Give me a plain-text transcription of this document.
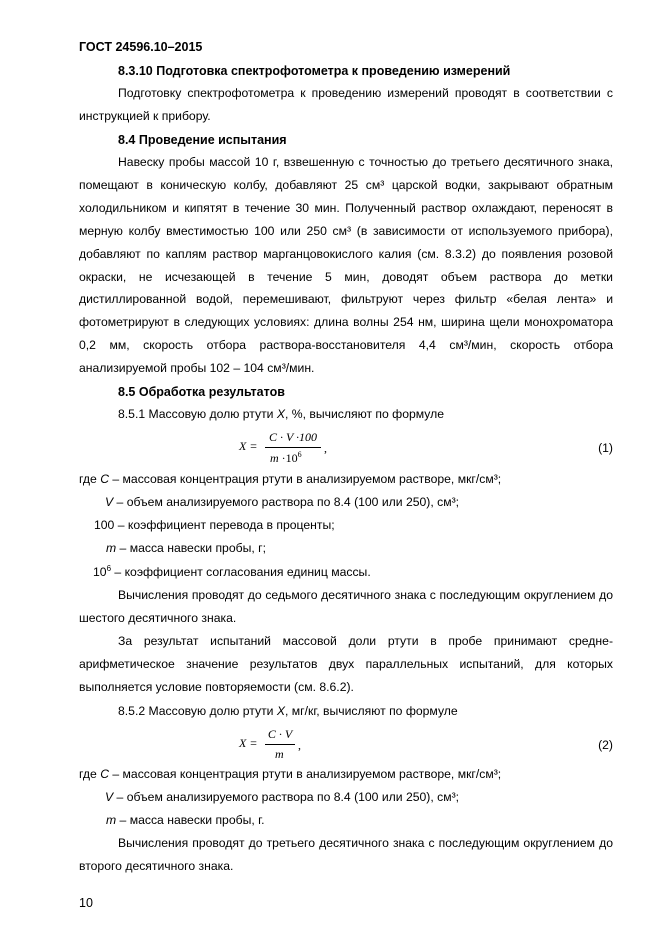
ГОСТ 24596.10–2015
8.3.10 Подготовка спектрофотометра к проведению измерений
Подготовку спектрофотометра к проведению измерений проводят в соответствии с инструкцией к прибору.
8.4 Проведение испытания
Навеску пробы массой 10 г, взвешенную с точностью до третьего десятичного знака, помещают в коническую колбу, добавляют 25 см³ царской водки, закрывают обратным холодильником и кипятят в течение 30 мин. Полученный раствор охлаждают, переносят в мерную колбу вместимостью 100 или 250 см³ (в зависимости от используемого прибора), добавляют по каплям раствор марганцовокислого калия (см. 8.3.2) до появления розовой окраски, не исчезающей в течение 5 мин, доводят объем раствора до метки дистиллированной водой, перемешивают, фильтруют через фильтр «белая лента» и фотометрируют в следующих условиях: длина волны 254 нм, ширина щели монохроматора 0,2 мм, скорость отбора раствора-восстановителя 4,4 см³/мин, скорость отбора анализируемой пробы 102 – 104 см³/мин.
8.5 Обработка результатов
8.5.1 Массовую долю ртути X, %, вычисляют по формуле
X =
C · V ·100
$m \cdot 10^6$ ,	(1)
где C – массовая концентрация ртути в анализируемом растворе, мкг/см³;
V – объем анализируемого раствора по 8.4 (100 или 250), см³;
100 – коэффициент перевода в проценты;
m – масса навески пробы, г;
$10^6$ – коэффициент согласования единиц массы.
Вычисления проводят до седьмого десятичного знака с последующим округлением до шестого десятичного знака.
За результат испытаний массовой доли ртути в пробе принимают среднеарифметическое значение результатов двух параллельных испытаний, для которых выполняется условие повторяемости (см. 8.6.2).
8.5.2 Массовую долю ртути X, мг/кг, вычисляют по формуле
X =
C · V
m
,	(2)
где C – массовая концентрация ртути в анализируемом растворе, мкг/см³;
V – объем анализируемого раствора по 8.4 (100 или 250), см³;
m – масса навески пробы, г.
Вычисления проводят до третьего десятичного знака с последующим округлением до второго десятичного знака.
10
